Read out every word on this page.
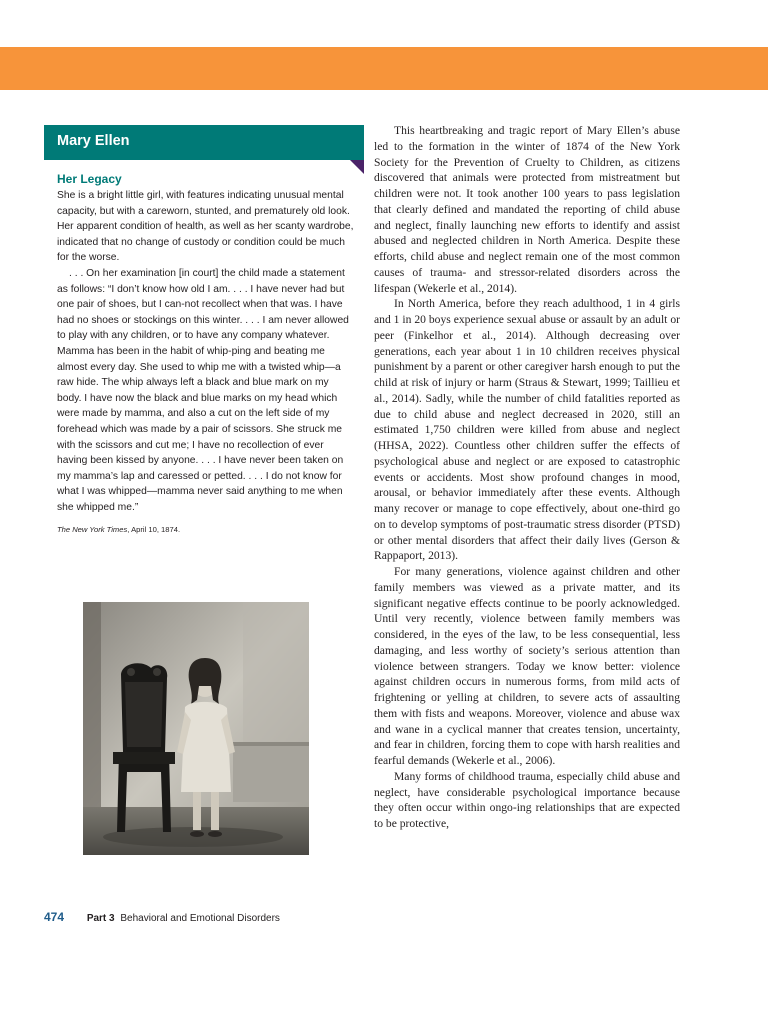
Mary Ellen
Her Legacy

She is a bright little girl, with features indicating unusual mental capacity, but with a careworn, stunted, and prematurely old look. Her apparent condition of health, as well as her scanty wardrobe, indicated that no change of custody or condition could be much for the worse.

. . . On her examination [in court] the child made a statement as follows: “I don’t know how old I am. . . . I have never had but one pair of shoes, but I can-not recollect when that was. I have had no shoes or stockings on this winter. . . . I am never allowed to play with any children, or to have any company whatever. Mamma has been in the habit of whip-ping and beating me almost every day. She used to whip me with a twisted whip—a raw hide. The whip always left a black and blue mark on my body. I have now the black and blue marks on my head which were made by mamma, and also a cut on the left side of my forehead which was made by a pair of scissors. She struck me with the scissors and cut me; I have no recollection of ever having been kissed by anyone. . . . I have never been taken on my mamma’s lap and caressed or petted. . . . I do not know for what I was whipped—mamma never said anything to me when she whipped me.”

The New York Times, April 10, 1874.

This heartbreaking and tragic report of Mary Ellen’s abuse led to the formation in the winter of 1874 of the New York Society for the Prevention of Cruelty to Children, as citizens discovered that animals were protected from mistreatment but children were not. It took another 100 years to pass legislation that clearly defined and mandated the reporting of child abuse and neglect, finally launching new efforts to identify and assist abused and neglected children in North America. Despite these efforts, child abuse and neglect remain one of the most common causes of trauma- and stressor-related disorders across the lifespan (Wekerle et al., 2014).

In North America, before they reach adulthood, 1 in 4 girls and 1 in 20 boys experience sexual abuse or assault by an adult or peer (Finkelhor et al., 2014). Although decreasing over generations, each year about 1 in 10 children receives physical punishment by a parent or other caregiver harsh enough to put the child at risk of injury or harm (Straus & Stewart, 1999; Taillieu et al., 2014). Sadly, while the number of child fatalities reported as due to child abuse and neglect decreased in 2020, still an estimated 1,750 children were killed from abuse and neglect (HHSA, 2022). Countless other children suffer the effects of psychological abuse and neglect or are exposed to catastrophic events or accidents. Most show profound changes in mood, arousal, or behavior immediately after these events. Although many recover or manage to cope effectively, about one-third go on to develop symptoms of post-traumatic stress disorder (PTSD) or other mental disorders that affect their daily lives (Gerson & Rappaport, 2013).

For many generations, violence against children and other family members was viewed as a private matter, and its significant negative effects continue to be poorly acknowledged. Until very recently, violence between family members was considered, in the eyes of the law, to be less consequential, less damaging, and less worthy of society’s serious attention than violence between strangers. Today we know better: violence against children occurs in numerous forms, from mild acts of frightening or yelling at children, to severe acts of assaulting them with fists and weapons. Moreover, violence and abuse wax and wane in a cyclical manner that creates tension, uncertainty, and fear in children, forcing them to cope with harsh realities and fearful demands (Wekerle et al., 2006).

Many forms of childhood trauma, especially child abuse and neglect, have considerable psychological importance because they often occur within ongo-ing relationships that are expected to be protective,

474 Part 3 Behavioral and Emotional Disorders
